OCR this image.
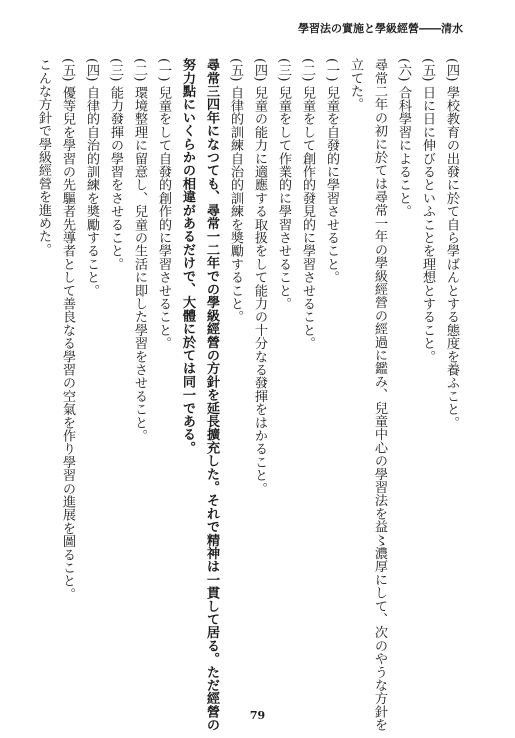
學習法の實施と學級經營――清水
(四) 學校教育の出發に於て自ら學ばんとする態度を養ふこと。
(五) 日に日に伸びるといふことを理想とすること。
(六) 合科學習によること。
尋常二年の初に於ては尋常一年の學級經營の經過に鑑み、兒童中心の學習法を益〻濃厚にして、次のやうな方針を
立てた。
(一) 兒童を自發的に學習させること。
(二) 兒童をして創作的發見的に學習させること。
(三) 兒童をして作業的に學習させること。
(四) 兒童の能力に適應する取扱をして能力の十分なる發揮をはかること。
(五) 自律的訓練自治的訓練を奬勵すること。
尋常三四年になつても、尋常一二年での學級經營の方針を延長擴充した。それで精神は一貫して居る。ただ經營の
努力點にいくらかの相違があるだけで、大體に於ては同一である。
(一) 兒童をして自發的創作的に學習させること。
(二) 環境整理に留意し、兒童の生活に即した學習をさせること。
(三) 能力發揮の學習をさせること。
(四) 自律的自治的訓練を奬勵すること。
(五) 優等兒を學習の先驅者先導者として善良なる學習の空氣を作り學習の進展を圖ること。
こんな方針で學級經營を進めた。
79
